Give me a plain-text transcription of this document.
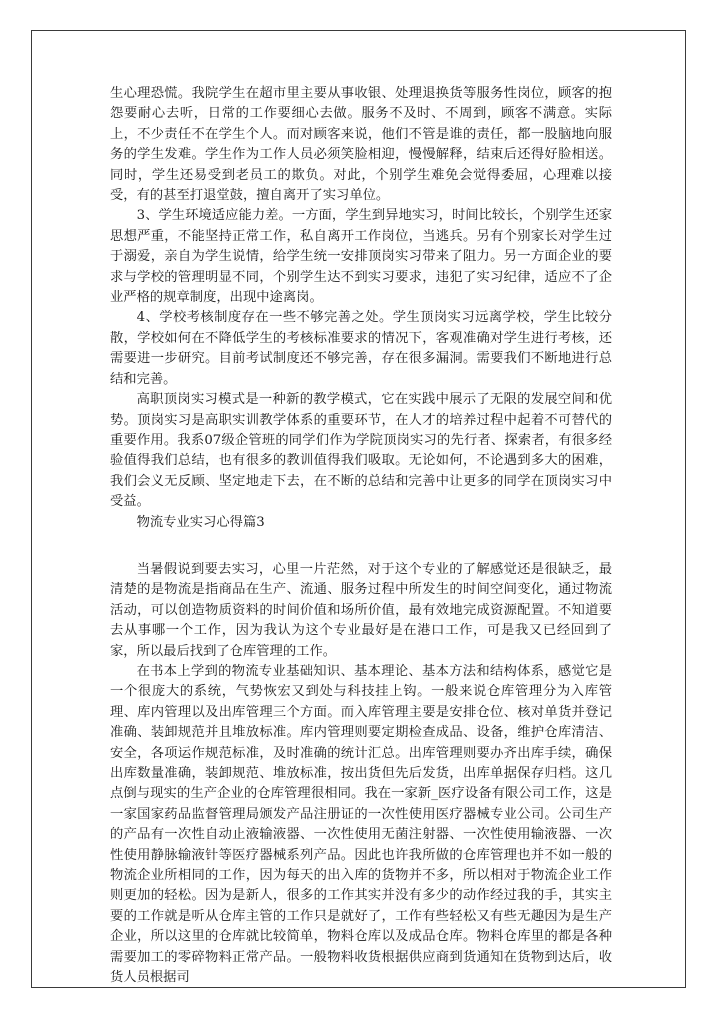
生心理恐慌。我院学生在超市里主要从事收银、处理退换货等服务性岗位，顾客的抱怨要耐心去听，日常的工作要细心去做。服务不及时、不周到，顾客不满意。实际上，不少责任不在学生个人。而对顾客来说，他们不管是谁的责任，都一股脑地向服务的学生发难。学生作为工作人员必须笑脸相迎，慢慢解释，结束后还得好脸相送。同时，学生还易受到老员工的欺负。对此，个别学生难免会觉得委屈，心理难以接受，有的甚至打退堂鼓，擅自离开了实习单位。

3、学生环境适应能力差。一方面，学生到异地实习，时间比较长，个别学生还家思想严重，不能坚持正常工作，私自离开工作岗位，当逃兵。另有个别家长对学生过于溺爱，亲自为学生说情，给学生统一安排顶岗实习带来了阻力。另一方面企业的要求与学校的管理明显不同，个别学生达不到实习要求，违犯了实习纪律，适应不了企业严格的规章制度，出现中途离岗。

4、学校考核制度存在一些不够完善之处。学生顶岗实习远离学校，学生比较分散，学校如何在不降低学生的考核标准要求的情况下，客观准确对学生进行考核，还需要进一步研究。目前考试制度还不够完善，存在很多漏洞。需要我们不断地进行总结和完善。

高职顶岗实习模式是一种新的教学模式，它在实践中展示了无限的发展空间和优势。顶岗实习是高职实训教学体系的重要环节，在人才的培养过程中起着不可替代的重要作用。我系07级企管班的同学们作为学院顶岗实习的先行者、探索者，有很多经验值得我们总结，也有很多的教训值得我们吸取。无论如何，不论遇到多大的困难，我们会义无反顾、坚定地走下去，在不断的总结和完善中让更多的同学在顶岗实习中受益。

物流专业实习心得篇3

当暑假说到要去实习，心里一片茫然，对于这个专业的了解感觉还是很缺乏，最清楚的是物流是指商品在生产、流通、服务过程中所发生的时间空间变化，通过物流活动，可以创造物质资料的时间价值和场所价值，最有效地完成资源配置。不知道要去从事哪一个工作，因为我认为这个专业最好是在港口工作，可是我又已经回到了家，所以最后找到了仓库管理的工作。

在书本上学到的物流专业基础知识、基本理论、基本方法和结构体系，感觉它是一个很庞大的系统，气势恢宏又到处与科技挂上钩。一般来说仓库管理分为入库管理、库内管理以及出库管理三个方面。而入库管理主要是安排仓位、核对单货并登记准确、装卸规范并且堆放标准。库内管理则要定期检查成品、设备，维护仓库清洁、安全，各项运作规范标准，及时准确的统计汇总。出库管理则要办齐出库手续，确保出库数量准确，装卸规范、堆放标准，按出货但先后发货，出库单据保存归档。这几点倒与现实的生产企业的仓库管理很相同。我在一家新_医疗设备有限公司工作，这是一家国家药品监督管理局颁发产品注册证的一次性使用医疗器械专业公司。公司生产的产品有一次性自动止液输液器、一次性使用无菌注射器、一次性使用输液器、一次性使用静脉输液针等医疗器械系列产品。因此也许我所做的仓库管理也并不如一般的物流企业所相同的工作，因为每天的出入库的货物并不多，所以相对于物流企业工作则更加的轻松。因为是新人，很多的工作其实并没有多少的动作经过我的手，其实主要的工作就是听从仓库主管的工作只是就好了，工作有些轻松又有些无趣因为是生产企业，所以这里的仓库就比较简单，物料仓库以及成品仓库。物料仓库里的都是各种需要加工的零碎物料正常产品。一般物料收货根据供应商到货通知在货物到达后，收货人员根据司
